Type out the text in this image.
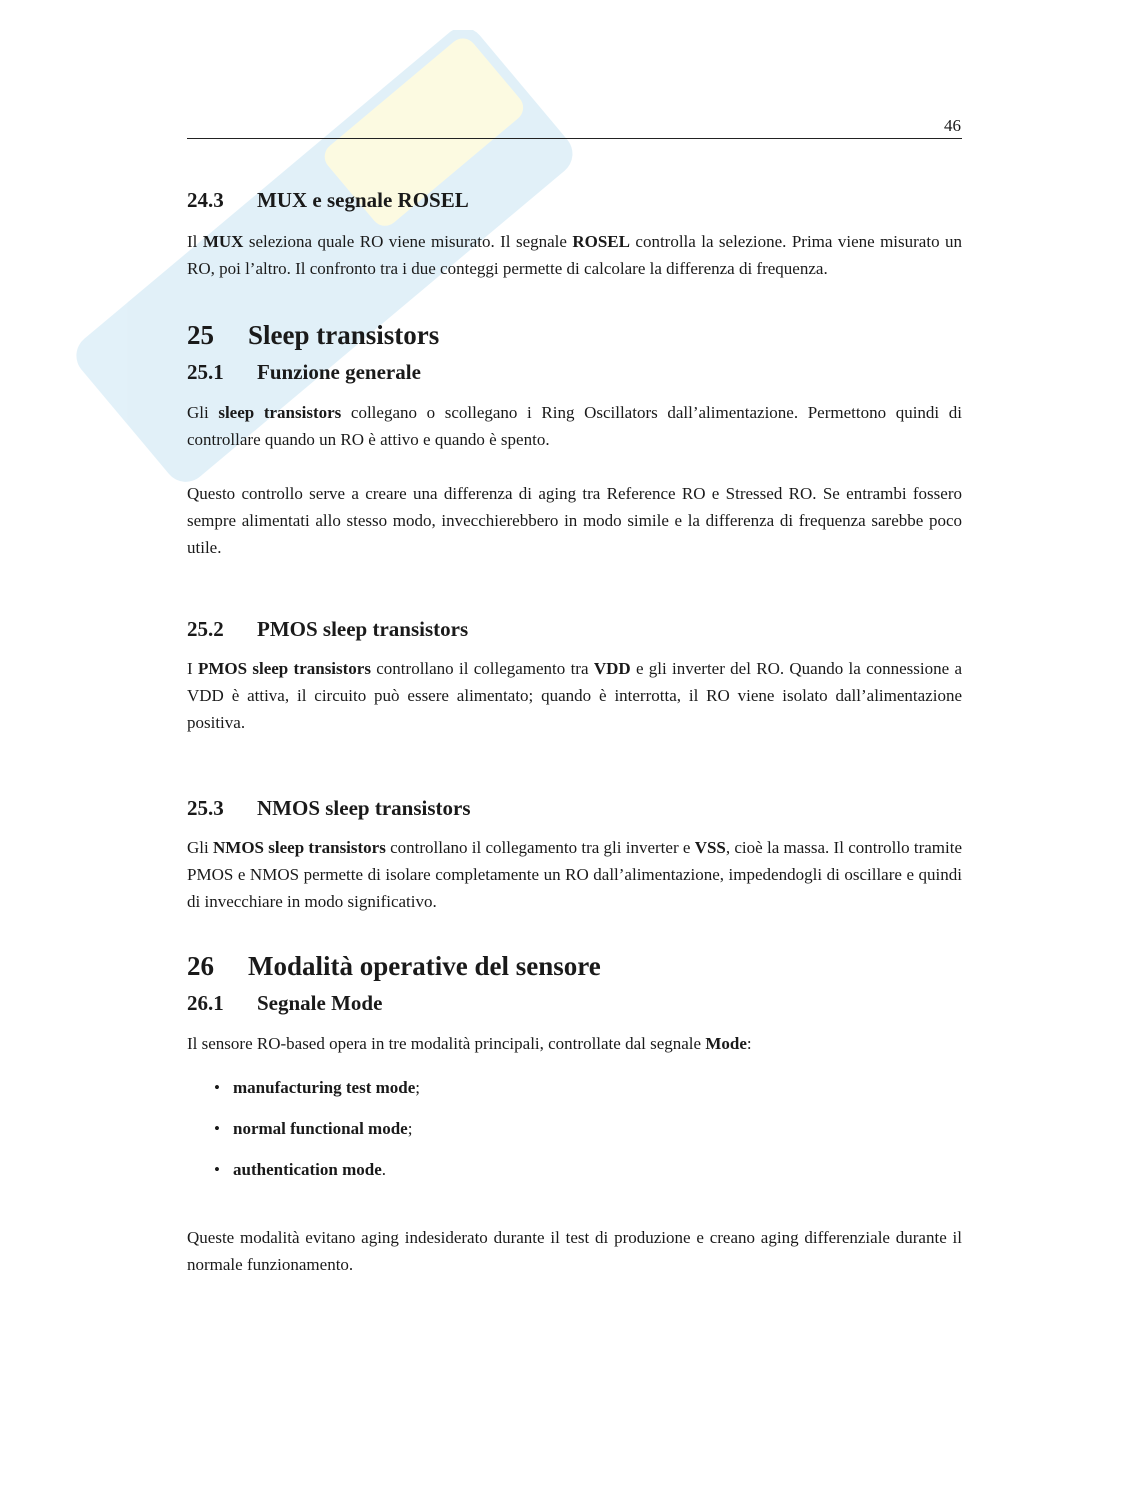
46
24.3 MUX e segnale ROSEL

Il MUX seleziona quale RO viene misurato. Il segnale ROSEL controlla la selezione. Prima viene misurato un RO, poi l’altro. Il confronto tra i due conteggi permette di calcolare la differenza di frequenza.

25 Sleep transistors
25.1 Funzione generale

Gli sleep transistors collegano o scollegano i Ring Oscillators dall’alimentazione. Permettono quindi di controllare quando un RO è attivo e quando è spento.

Questo controllo serve a creare una differenza di aging tra Reference RO e Stressed RO. Se entrambi fossero sempre alimentati allo stesso modo, invecchierebbero in modo simile e la differenza di frequenza sarebbe poco utile.

25.2 PMOS sleep transistors

I PMOS sleep transistors controllano il collegamento tra VDD e gli inverter del RO. Quando la connessione a VDD è attiva, il circuito può essere alimentato; quando è interrotta, il RO viene isolato dall’alimentazione positiva.

25.3 NMOS sleep transistors

Gli NMOS sleep transistors controllano il collegamento tra gli inverter e VSS, cioè la massa. Il controllo tramite PMOS e NMOS permette di isolare completamente un RO dall’alimentazione, impedendogli di oscillare e quindi di invecchiare in modo significativo.

26 Modalità operative del sensore
26.1 Segnale Mode

Il sensore RO-based opera in tre modalità principali, controllate dal segnale Mode:

• manufacturing test mode;
• normal functional mode;
• authentication mode.

Queste modalità evitano aging indesiderato durante il test di produzione e creano aging differenziale durante il normale funzionamento.
